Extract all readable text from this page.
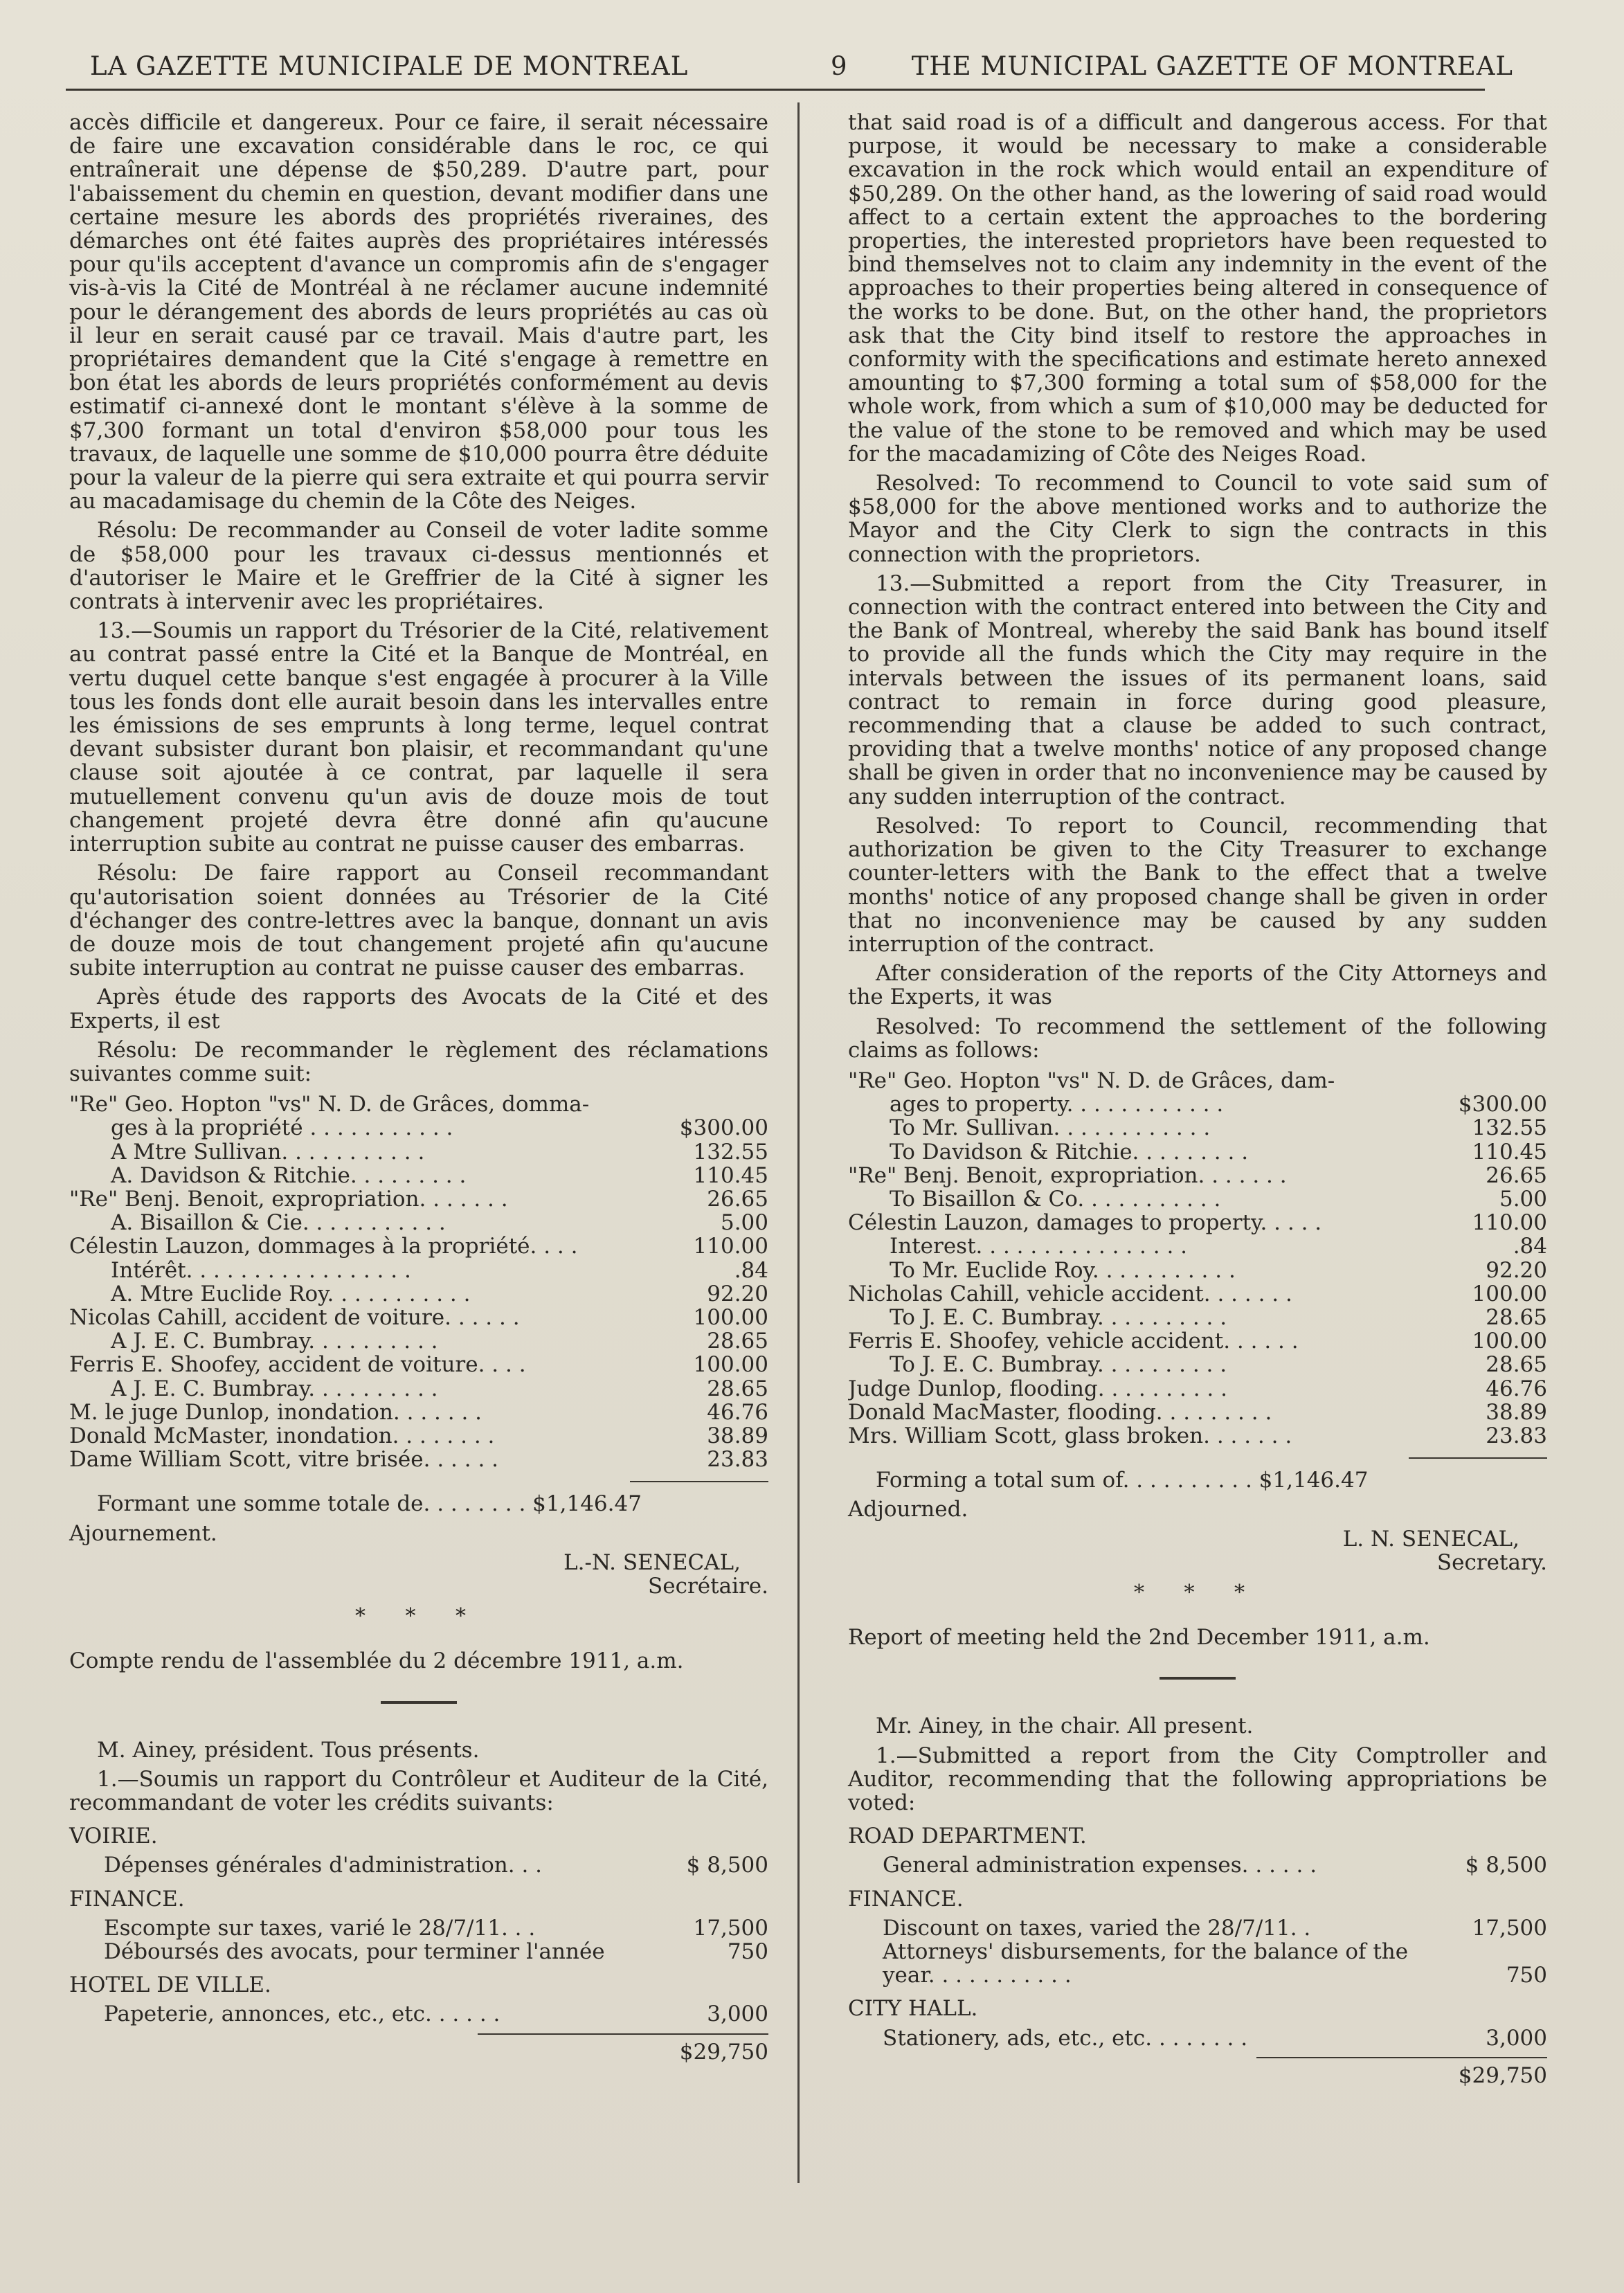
LA GAZETTE MUNICIPALE DE MONTREAL	9 THE MUNICIPAL GAZETTE OF MONTREAL

accès difficile et dangereux. Pour ce faire, il serait nécessaire de faire une excavation considérable dans le roc, ce qui entraînerait une dépense de $50,289. D'autre part, pour l'abaissement du chemin en question, devant modifier dans une certaine mesure les abords des propriétés riveraines, des démarches ont été faites auprès des propriétaires intéressés pour qu'ils acceptent d'avance un compromis afin de s'engager vis-à-vis la Cité de Montréal à ne réclamer aucune indemnité pour le dérangement des abords de leurs propriétés au cas où il leur en serait causé par ce travail. Mais d'autre part, les propriétaires demandent que la Cité s'engage à remettre en bon état les abords de leurs propriétés conformément au devis estimatif ci-annexé dont le montant s'élève à la somme de $7,300 formant un total d'environ $58,000 pour tous les travaux, de laquelle une somme de $10,000 pourra être déduite pour la valeur de la pierre qui sera extraite et qui pourra servir au macadamisage du chemin de la Côte des Neiges.

Résolu: De recommander au Conseil de voter ladite somme de $58,000 pour les travaux ci-dessus mentionnés et d'autoriser le Maire et le Greffrier de la Cité à signer les contrats à intervenir avec les propriétaires.

13.—Soumis un rapport du Trésorier de la Cité, relativement au contrat passé entre la Cité et la Banque de Montréal, en vertu duquel cette banque s'est engagée à procurer à la Ville tous les fonds dont elle aurait besoin dans les intervalles entre les émissions de ses emprunts à long terme, lequel contrat devant subsister durant bon plaisir, et recommandant qu'une clause soit ajoutée à ce contrat, par laquelle il sera mutuellement convenu qu'un avis de douze mois de tout changement projeté devra être donné afin qu'aucune interruption subite au contrat ne puisse causer des embarras.

Résolu: De faire rapport au Conseil recommandant qu'autorisation soient données au Trésorier de la Cité d'échanger des contre-lettres avec la banque, donnant un avis de douze mois de tout changement projeté afin qu'aucune subite interruption au contrat ne puisse causer des embarras.

Après étude des rapports des Avocats de la Cité et des Experts, il est

Résolu: De recommander le règlement des réclamations suivantes comme suit:

"Re" Geo. Hopton "vs" N. D. de Grâces, domma-
ges à la propriété . . . . . . . . . . .	$300.00
A Mtre Sullivan. . . . . . . . . . .	132.55
A. Davidson & Ritchie. . . . . . . . .	110.45
"Re" Benj. Benoit, expropriation. . . . . . .	26.65
A. Bisaillon & Cie. . . . . . . . . . .	5.00
Célestin Lauzon, dommages à la propriété. . . .	110.00
Intérêt. . . . . . . . . . . . . . . . .	.84
A. Mtre Euclide Roy. . . . . . . . . . .	92.20
Nicolas Cahill, accident de voiture. . . . . .	100.00
A J. E. C. Bumbray. . . . . . . . . .	28.65
Ferris E. Shoofey, accident de voiture. . . .	100.00
A J. E. C. Bumbray. . . . . . . . . .	28.65
M. le juge Dunlop, inondation. . . . . . .	46.76
Donald McMaster, inondation. . . . . . . .	38.89
Dame William Scott, vitre brisée. . . . . .	23.83

Formant une somme totale de. . . . . . . . $1,146.47

Ajournement.

L.-N. SENECAL,
Secrétaire.
* * *

Compte rendu de l'assemblée du 2 décembre 1911, a.m.

M. Ainey, président. Tous présents.

1.—Soumis un rapport du Contrôleur et Auditeur de la Cité, recommandant de voter les crédits suivants:

VOIRIE.
Dépenses générales d'administration. . .	$ 8,500
FINANCE.
Escompte sur taxes, varié le 28/7/11. . .	17,500
Déboursés des avocats, pour terminer l'année	750
HOTEL DE VILLE.
Papeterie, annonces, etc., etc. . . . . .	3,000
$29,750

that said road is of a difficult and dangerous access. For that purpose, it would be necessary to make a considerable excavation in the rock which would entail an expenditure of $50,289. On the other hand, as the lowering of said road would affect to a certain extent the approaches to the bordering properties, the interested proprietors have been requested to bind themselves not to claim any indemnity in the event of the approaches to their properties being altered in consequence of the works to be done. But, on the other hand, the proprietors ask that the City bind itself to restore the approaches in conformity with the specifications and estimate hereto annexed amounting to $7,300 forming a total sum of $58,000 for the whole work, from which a sum of $10,000 may be deducted for the value of the stone to be removed and which may be used for the macadamizing of Côte des Neiges Road.

Resolved: To recommend to Council to vote said sum of $58,000 for the above mentioned works and to authorize the Mayor and the City Clerk to sign the contracts in this connection with the proprietors.

13.—Submitted a report from the City Treasurer, in connection with the contract entered into between the City and the Bank of Montreal, whereby the said Bank has bound itself to provide all the funds which the City may require in the intervals between the issues of its permanent loans, said contract to remain in force during good pleasure, recommending that a clause be added to such contract, providing that a twelve months' notice of any proposed change shall be given in order that no inconvenience may be caused by any sudden interruption of the contract.

Resolved: To report to Council, recommending that authorization be given to the City Treasurer to exchange counter-letters with the Bank to the effect that a twelve months' notice of any proposed change shall be given in order that no inconvenience may be caused by any sudden interruption of the contract.

After consideration of the reports of the City Attorneys and the Experts, it was

Resolved: To recommend the settlement of the following claims as follows:

"Re" Geo. Hopton "vs" N. D. de Grâces, dam-
ages to property. . . . . . . . . . . .	$300.00
To Mr. Sullivan. . . . . . . . . . . .	132.55
To Davidson & Ritchie. . . . . . . . .	110.45
"Re" Benj. Benoit, expropriation. . . . . . .	26.65
To Bisaillon & Co. . . . . . . . . . .	5.00
Célestin Lauzon, damages to property. . . . .	110.00
Interest. . . . . . . . . . . . . . . .	.84
To Mr. Euclide Roy. . . . . . . . . . .	92.20
Nicholas Cahill, vehicle accident. . . . . . .	100.00
To J. E. C. Bumbray. . . . . . . . . .	28.65
Ferris E. Shoofey, vehicle accident. . . . . .	100.00
To J. E. C. Bumbray. . . . . . . . . .	28.65
Judge Dunlop, flooding. . . . . . . . . .	46.76
Donald MacMaster, flooding. . . . . . . . .	38.89
Mrs. William Scott, glass broken. . . . . . .	23.83

Forming a total sum of. . . . . . . . . . $1,146.47

Adjourned.

L. N. SENECAL,
Secretary.
* * *

Report of meeting held the 2nd December 1911, a.m.

Mr. Ainey, in the chair. All present.

1.—Submitted a report from the City Comptroller and Auditor, recommending that the following appropriations be voted:

ROAD DEPARTMENT.
General administration expenses. . . . . .	$ 8,500
FINANCE.
Discount on taxes, varied the 28/7/11. .	17,500
Attorneys' disbursements, for the balance of the year. . . . . . . . . . .	750
CITY HALL.
Stationery, ads, etc., etc. . . . . . . .	3,000
$29,750
